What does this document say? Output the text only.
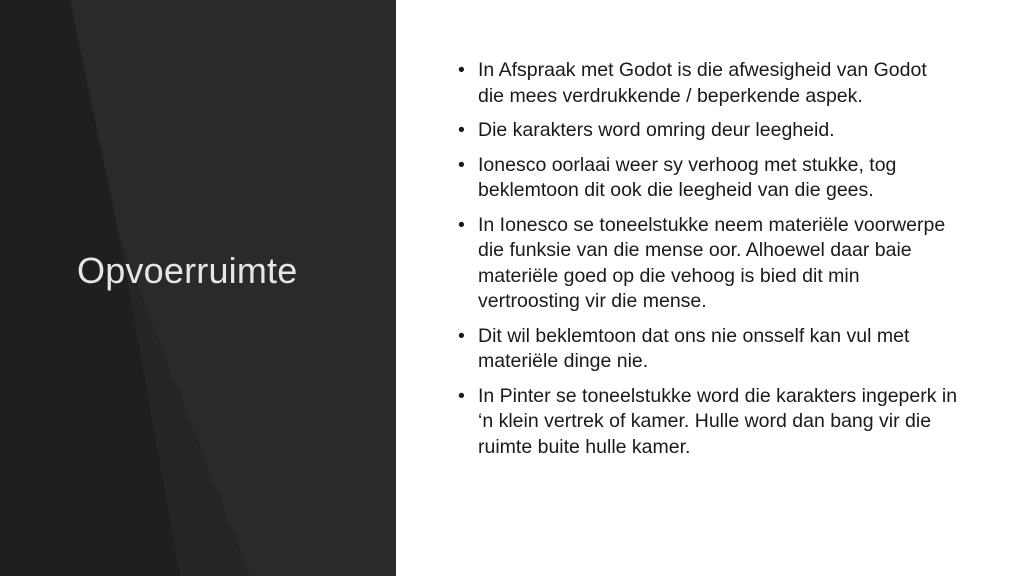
Opvoerruimte
• In Afspraak met Godot is die afwesigheid van Godot die mees verdrukkende / beperkende aspek.
• Die karakters word omring deur leegheid.
• Ionesco oorlaai weer sy verhoog met stukke, tog beklemtoon dit ook die leegheid van die gees.
• In Ionesco se toneelstukke neem materiële voorwerpe die funksie van die mense oor. Alhoewel daar baie materiële goed op die vehoog is bied dit min vertroosting vir die mense.
• Dit wil beklemtoon dat ons nie onsself kan vul met materiële dinge nie.
• In Pinter se toneelstukke word die karakters ingeperk in ‘n klein vertrek of kamer. Hulle word dan bang vir die ruimte buite hulle kamer.
